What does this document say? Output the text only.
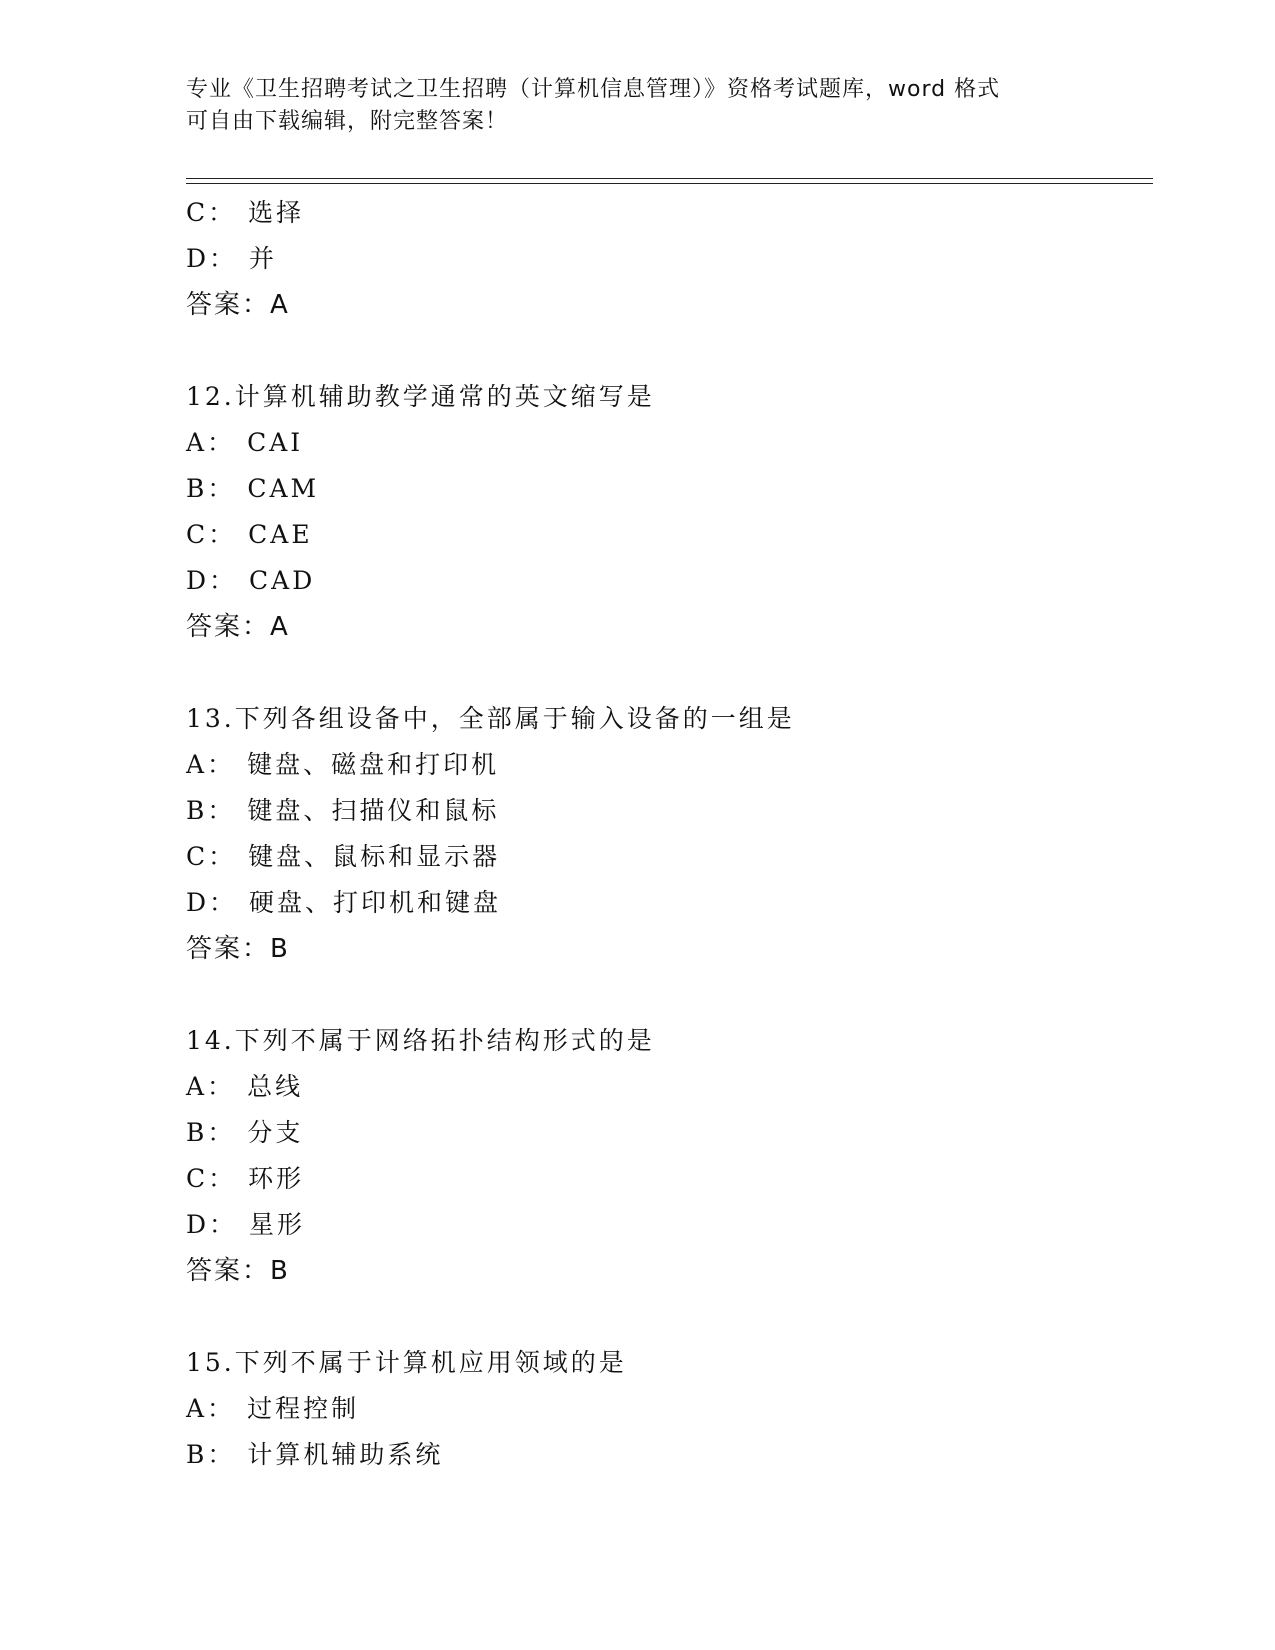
专业《卫生招聘考试之卫生招聘（计算机信息管理）》资格考试题库，word 格式
可自由下载编辑，附完整答案！
C： 选择
D： 并
答案：A
12.计算机辅助教学通常的英文缩写是
A： CAI
B： CAM
C： CAE
D： CAD
答案：A
13.下列各组设备中，全部属于输入设备的一组是
A： 键盘、磁盘和打印机
B： 键盘、扫描仪和鼠标
C： 键盘、鼠标和显示器
D： 硬盘、打印机和键盘
答案：B
14.下列不属于网络拓扑结构形式的是
A： 总线
B： 分支
C： 环形
D： 星形
答案：B
15.下列不属于计算机应用领域的是
A： 过程控制
B： 计算机辅助系统
